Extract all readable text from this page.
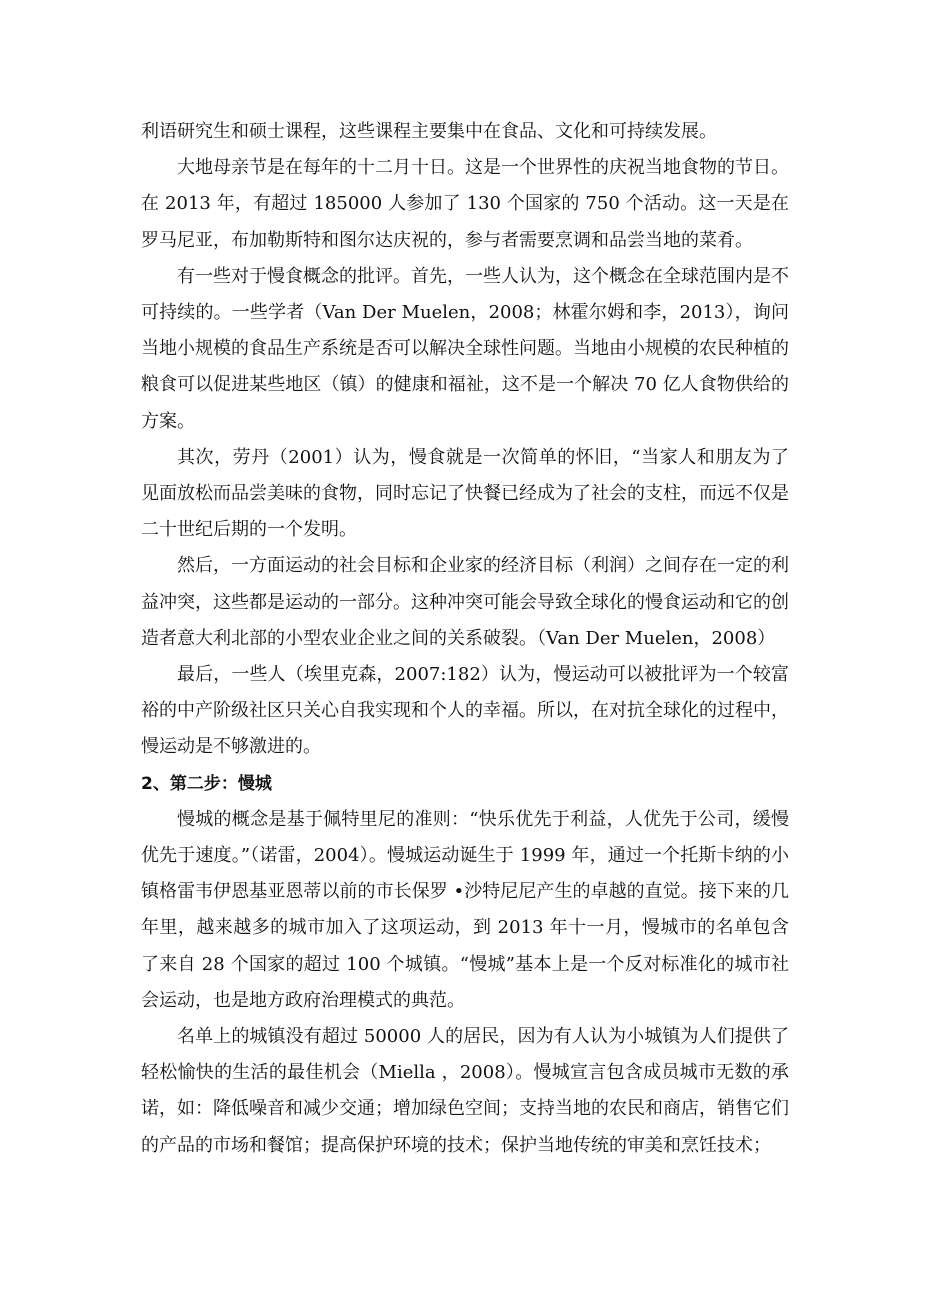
利语研究生和硕士课程，这些课程主要集中在食品、文化和可持续发展。

大地母亲节是在每年的十二月十日。这是一个世界性的庆祝当地食物的节日。在 2013 年，有超过 185000 人参加了 130 个国家的 750 个活动。这一天是在罗马尼亚，布加勒斯特和图尔达庆祝的，参与者需要烹调和品尝当地的菜肴。

有一些对于慢食概念的批评。首先，一些人认为，这个概念在全球范围内是不可持续的。一些学者（Van Der Muelen，2008；林霍尔姆和李，2013），询问当地小规模的食品生产系统是否可以解决全球性问题。当地由小规模的农民种植的粮食可以促进某些地区（镇）的健康和福祉，这不是一个解决 70 亿人食物供给的方案。

其次，劳丹（2001）认为，慢食就是一次简单的怀旧，“当家人和朋友为了见面放松而品尝美味的食物，同时忘记了快餐已经成为了社会的支柱，而远不仅是二十世纪后期的一个发明。

然后，一方面运动的社会目标和企业家的经济目标（利润）之间存在一定的利益冲突，这些都是运动的一部分。这种冲突可能会导致全球化的慢食运动和它的创造者意大利北部的小型农业企业之间的关系破裂。（Van Der Muelen，2008）

最后，一些人（埃里克森，2007:182）认为，慢运动可以被批评为一个较富裕的中产阶级社区只关心自我实现和个人的幸福。所以，在对抗全球化的过程中，慢运动是不够激进的。

2、第二步：慢城

慢城的概念是基于佩特里尼的准则：“快乐优先于利益，人优先于公司，缓慢优先于速度。”（诺雷，2004）。慢城运动诞生于 1999 年，通过一个托斯卡纳的小镇格雷韦伊恩基亚恩蒂以前的市长保罗 •沙特尼尼产生的卓越的直觉。接下来的几年里，越来越多的城市加入了这项运动，到 2013 年十一月，慢城市的名单包含了来自 28 个国家的超过 100 个城镇。“慢城”基本上是一个反对标准化的城市社会运动，也是地方政府治理模式的典范。

名单上的城镇没有超过 50000 人的居民，因为有人认为小城镇为人们提供了轻松愉快的生活的最佳机会（Miella ，2008）。慢城宣言包含成员城市无数的承诺，如：降低噪音和减少交通；增加绿色空间；支持当地的农民和商店，销售它们的产品的市场和餐馆；提高保护环境的技术；保护当地传统的审美和烹饪技术；
